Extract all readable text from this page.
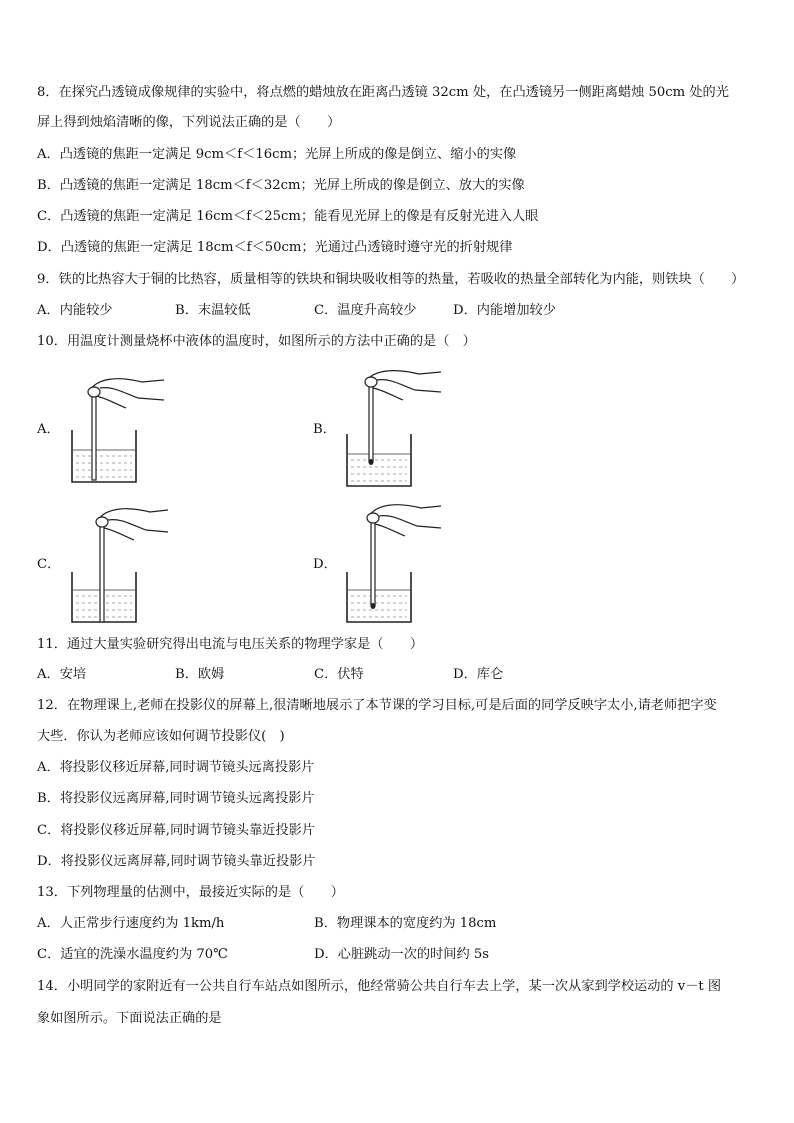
8．在探究凸透镜成像规律的实验中，将点燃的蜡烛放在距离凸透镜 32cm 处，在凸透镜另一侧距离蜡烛 50cm 处的光
屏上得到烛焰清晰的像，下列说法正确的是（　　）
A．凸透镜的焦距一定满足 9cm＜f＜16cm；光屏上所成的像是倒立、缩小的实像
B．凸透镜的焦距一定满足 18cm＜f＜32cm；光屏上所成的像是倒立、放大的实像
C．凸透镜的焦距一定满足 16cm＜f＜25cm；能看见光屏上的像是有反射光进入人眼
D．凸透镜的焦距一定满足 18cm＜f＜50cm；光通过凸透镜时遵守光的折射规律
9．铁的比热容大于铜的比热容，质量相等的铁块和铜块吸收相等的热量，若吸收的热量全部转化为内能，则铁块（　　）
A．内能较少	B．末温较低	C．温度升高较少	D．内能增加较少
10．用温度计测量烧杯中液体的温度时，如图所示的方法中正确的是（　）
A．	B．
C．	D．
11．通过大量实验研究得出电流与电压关系的物理学家是（　　）
A．安培	B．欧姆	C．伏特	D．库仑
12．在物理课上,老师在投影仪的屏幕上,很清晰地展示了本节课的学习目标,可是后面的同学反映字太小,请老师把字变
大些．你认为老师应该如何调节投影仪(　)
A．将投影仪移近屏幕,同时调节镜头远离投影片
B．将投影仪远离屏幕,同时调节镜头远离投影片
C．将投影仪移近屏幕,同时调节镜头靠近投影片
D．将投影仪远离屏幕,同时调节镜头靠近投影片
13．下列物理量的估测中，最接近实际的是（　　）
A．人正常步行速度约为 1km/h	B．物理课本的宽度约为 18cm
C．适宜的洗澡水温度约为 70℃	D．心脏跳动一次的时间约 5s
14．小明同学的家附近有一公共自行车站点如图所示，他经常骑公共自行车去上学，某一次从家到学校运动的 v－t 图
象如图所示。下面说法正确的是
